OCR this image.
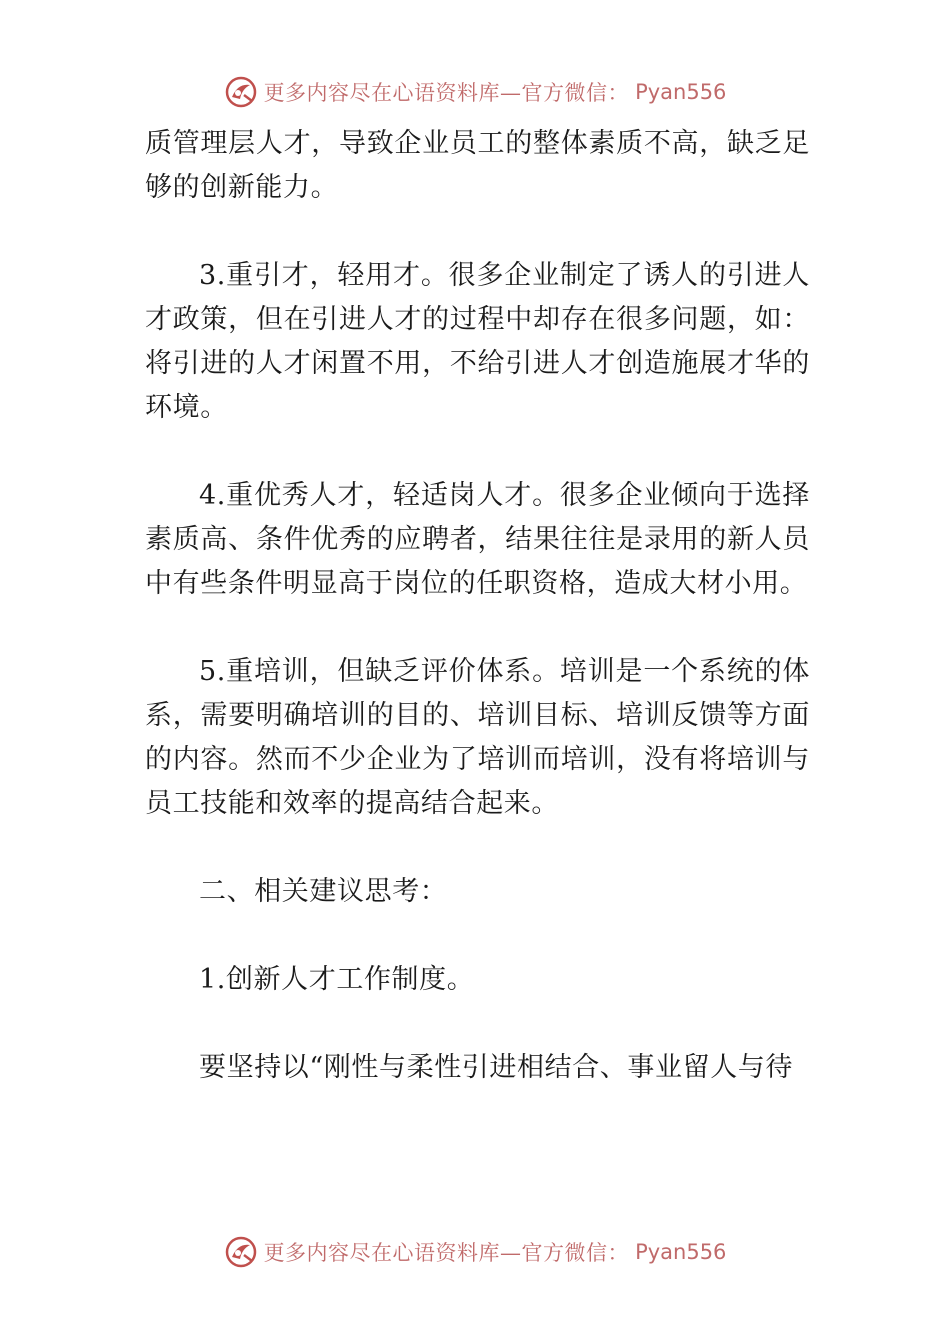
更多内容尽在心语资料库—官方微信： Pyan556

质管理层人才，导致企业员工的整体素质不高，缺乏足够的创新能力。

3.重引才，轻用才。很多企业制定了诱人的引进人才政策，但在引进人才的过程中却存在很多问题，如：将引进的人才闲置不用，不给引进人才创造施展才华的环境。

4.重优秀人才，轻适岗人才。很多企业倾向于选择素质高、条件优秀的应聘者，结果往往是录用的新人员中有些条件明显高于岗位的任职资格，造成大材小用。

5.重培训，但缺乏评价体系。培训是一个系统的体系，需要明确培训的目的、培训目标、培训反馈等方面的内容。然而不少企业为了培训而培训，没有将培训与员工技能和效率的提高结合起来。

二、相关建议思考：

1.创新人才工作制度。

要坚持以“刚性与柔性引进相结合、事业留人与待

更多内容尽在心语资料库—官方微信： Pyan556
